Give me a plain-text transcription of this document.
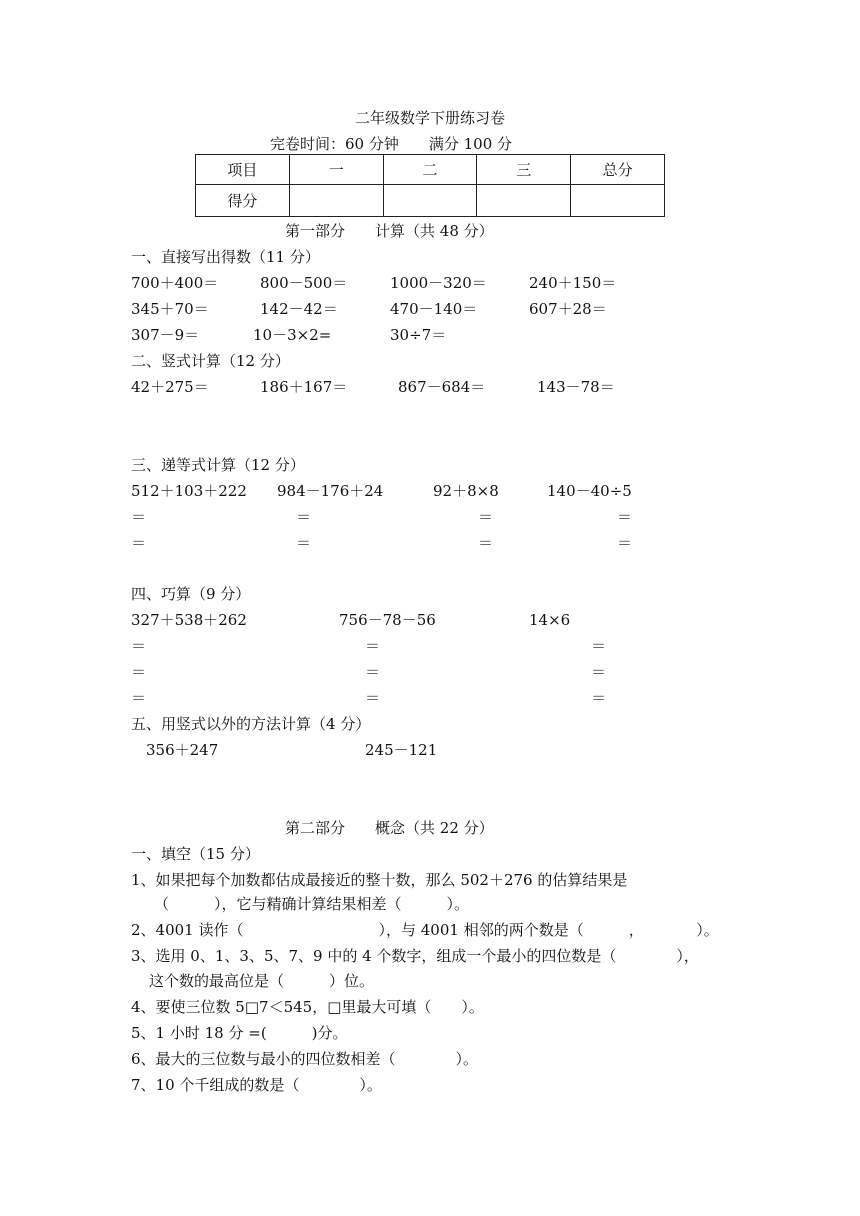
二年级数学下册练习卷
完卷时间：60 分钟　　满分 100 分
项目	一	二	三	总分
得分				
第一部分　　计算（共 48 分）
一、直接写出得数（11 分）
700＋400＝	800－500＝	1000－320＝	240＋150＝
345＋70＝	142－42＝	470－140＝	607＋28＝
307－9＝	10－3×2=	30÷7＝
二、竖式计算（12 分）
42＋275＝	186＋167＝	867－684＝	143－78＝
三、递等式计算（12 分）
512＋103＋222 984－176＋24	92＋8×8	140－40÷5
＝	＝	＝	＝
＝	＝	＝	＝
四、巧算（9 分）
327＋538＋262	756－78－56	14×6
＝	＝	＝
＝	＝	＝
＝	＝	＝
五、用竖式以外的方法计算（4 分）
356＋247	245－121
第二部分　　概念（共 22 分）
一、填空（15 分）
1、如果把每个加数都估成最接近的整十数，那么 502＋276 的估算结果是
（　　　），它与精确计算结果相差（　　　）。
2、4001 读作（　　　　　　　　　），与 4001 相邻的两个数是（　　　，　　　　）。
3、选用 0、1、3、5、7、9 中的 4 个数字，组成一个最小的四位数是（　　　　），
这个数的最高位是（　　　）位。
4、要使三位数 5□7＜545，□里最大可填（　　）。
5、1 小时 18 分 =(　　　)分。
6、最大的三位数与最小的四位数相差（　　　　）。
7、10 个千组成的数是（　　　　）。
